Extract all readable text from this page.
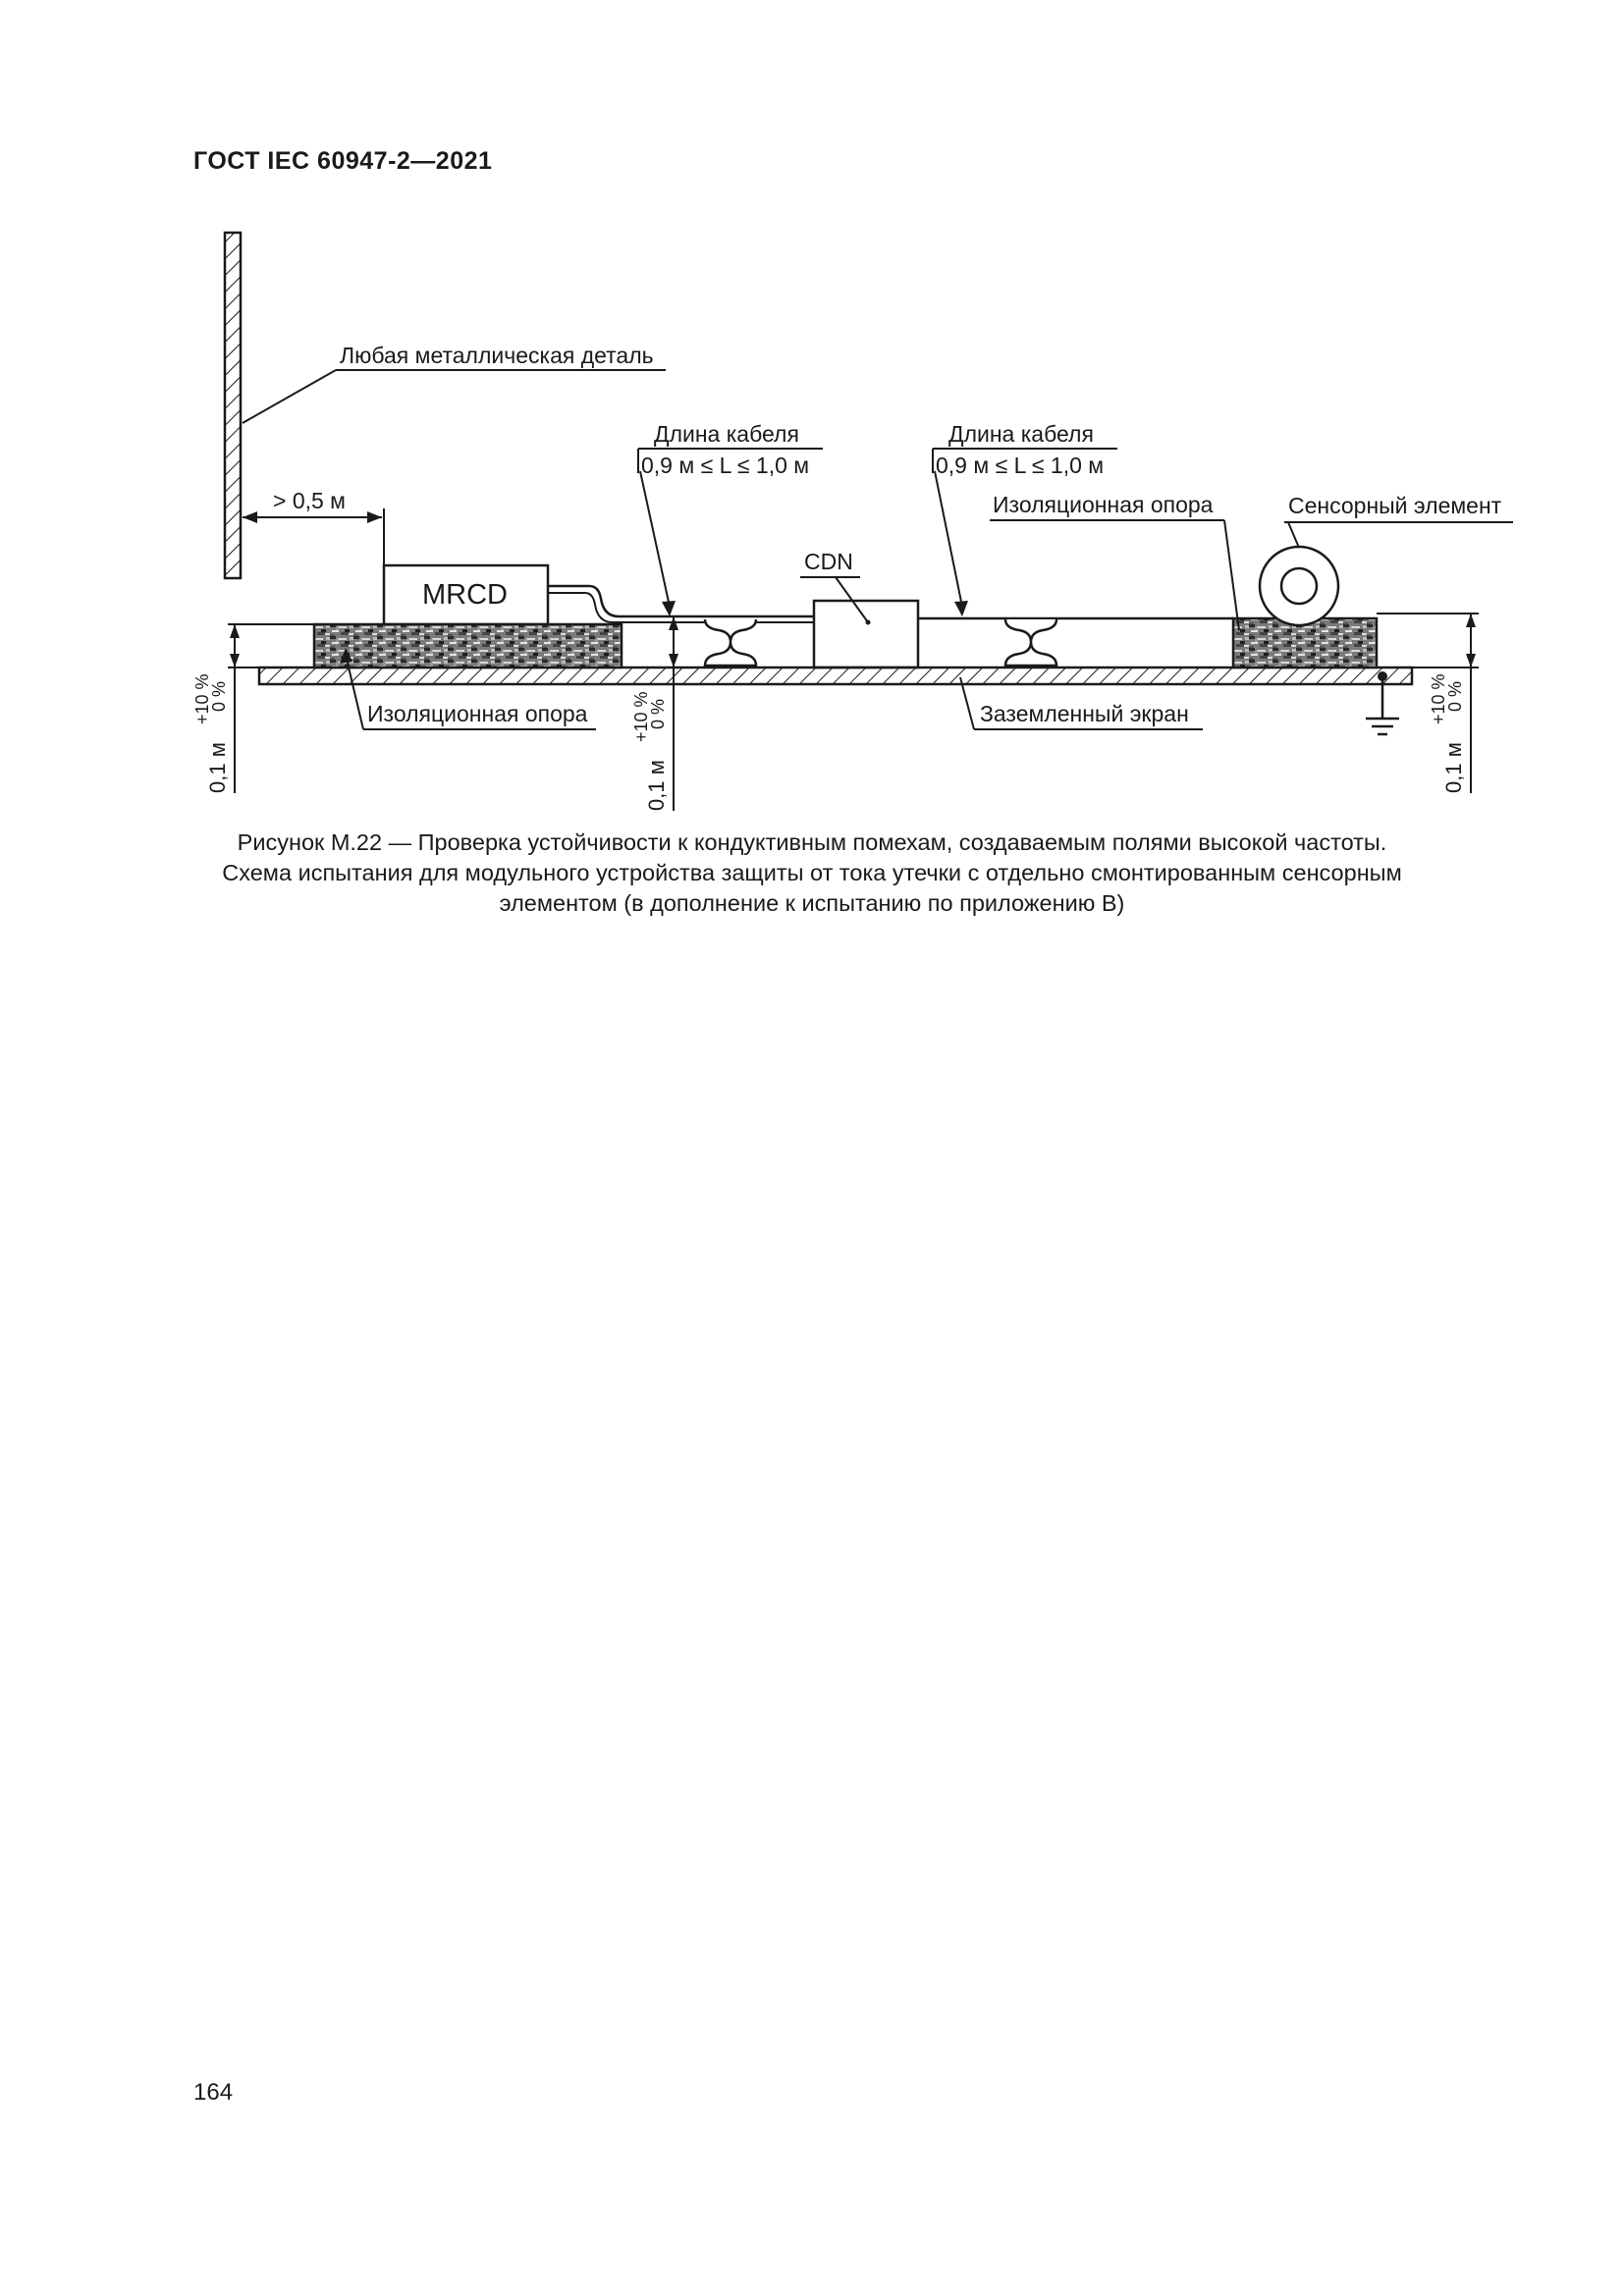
ГОСТ IEC 60947-2—2021
Любая металлическая деталь
> 0,5 м
MRCD
CDN
Длина кабеля
0,9 м ≤ L ≤ 1,0 м
Длина кабеля
0,9 м ≤ L ≤ 1,0 м
Изоляционная опора	Сенсорный элемент
Изоляционная опора	Заземленный экран
0,1 м
+10 %
0 %
0,1 м
+10 %
0 %
0,1 м
+10 %
0 %
Рисунок M.22 — Проверка устойчивости к кондуктивным помехам, создаваемым полями высокой частоты.
Схема испытания для модульного устройства защиты от тока утечки с отдельно смонтированным сенсорным
элементом (в дополнение к испытанию по приложению B)
164
